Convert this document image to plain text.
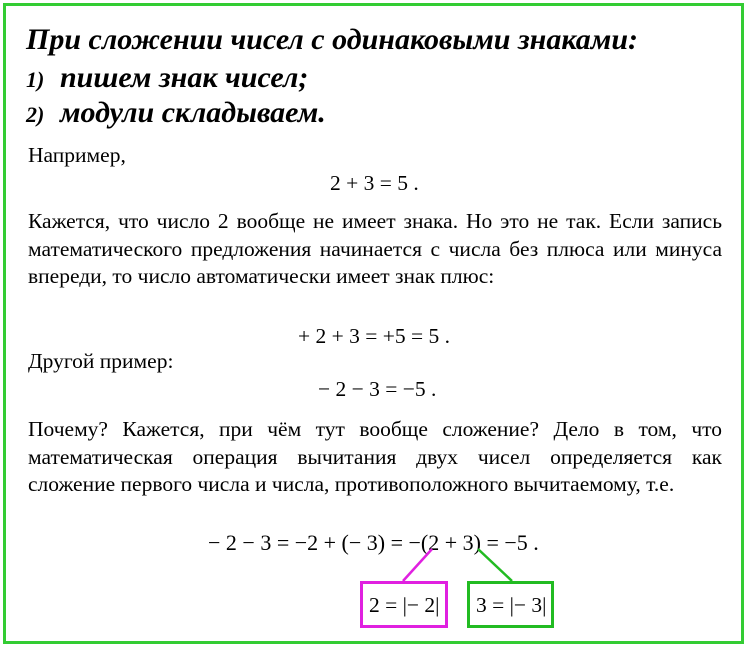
При сложении чисел с одинаковыми знаками:
1) пишем знак чисел;
2) модули складываем.
Например,
2 + 3 = 5 .
Кажется, что число 2 вообще не имеет знака. Но это не так. Если запись математического предложения начинается с числа без плюса или минуса впереди, то число автоматически имеет знак плюс:
+ 2 + 3 = +5 = 5 .
Другой пример:
− 2 − 3 = −5 .
Почему? Кажется, при чём тут вообще сложение? Дело в том, что математическая операция вычитания двух чисел определяется как сложение первого числа и числа, противоположного вычитаемому, т.е.
− 2 − 3 = −2 + (− 3) = −(2 + 3) = −5 .
2 = |− 2| 3 = |− 3|
